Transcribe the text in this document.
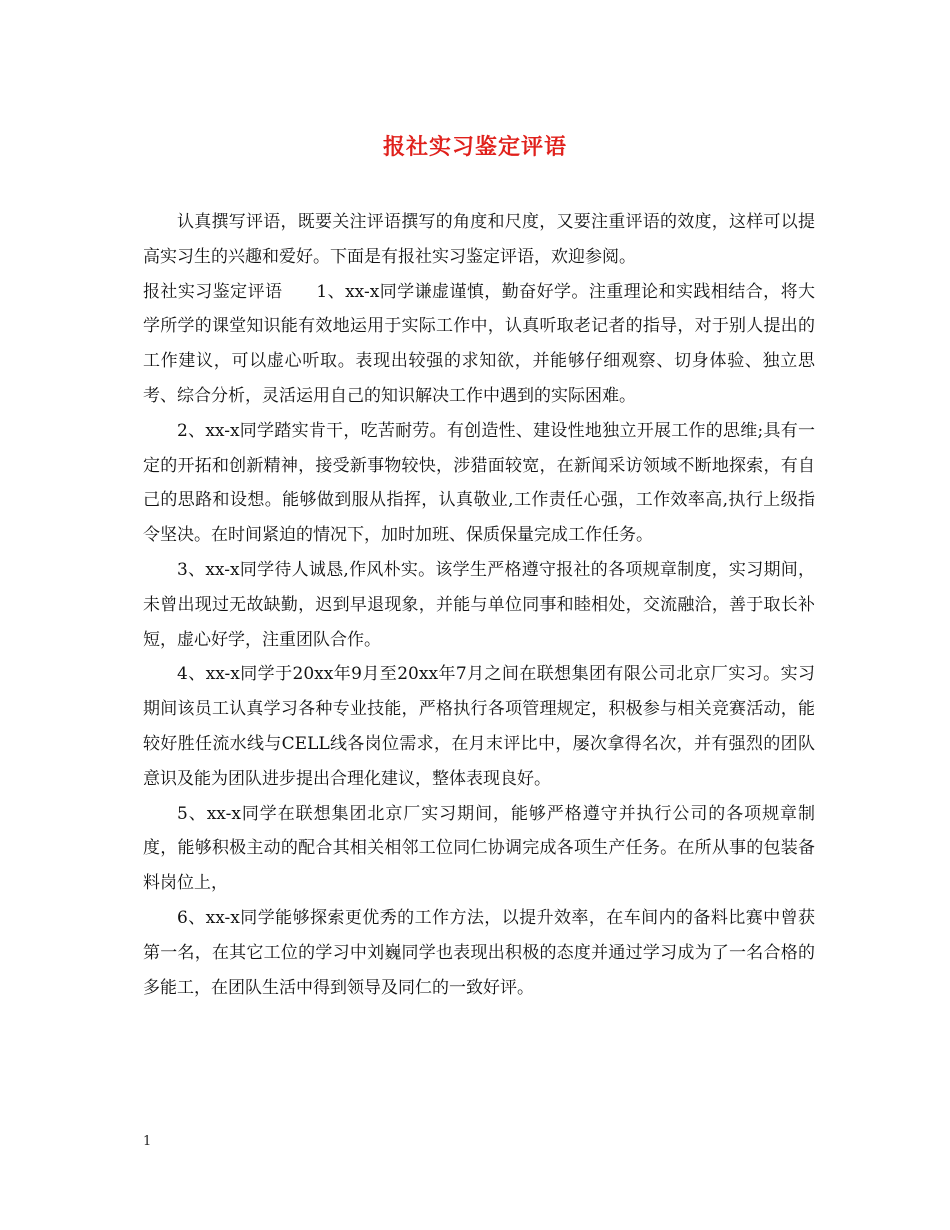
报社实习鉴定评语

认真撰写评语，既要关注评语撰写的角度和尺度，又要注重评语的效度，这样可以提高实习生的兴趣和爱好。下面是有报社实习鉴定评语，欢迎参阅。

报社实习鉴定评语 1、xx-x同学谦虚谨慎，勤奋好学。注重理论和实践相结合，将大学所学的课堂知识能有效地运用于实际工作中，认真听取老记者的指导，对于别人提出的工作建议，可以虚心听取。表现出较强的求知欲，并能够仔细观察、切身体验、独立思考、综合分析，灵活运用自己的知识解决工作中遇到的实际困难。

2、xx-x同学踏实肯干，吃苦耐劳。有创造性、建设性地独立开展工作的思维;具有一定的开拓和创新精神，接受新事物较快，涉猎面较宽，在新闻采访领域不断地探索，有自己的思路和设想。能够做到服从指挥，认真敬业,工作责任心强，工作效率高,执行上级指令坚决。在时间紧迫的情况下，加时加班、保质保量完成工作任务。

3、xx-x同学待人诚恳,作风朴实。该学生严格遵守报社的各项规章制度，实习期间，未曾出现过无故缺勤，迟到早退现象，并能与单位同事和睦相处，交流融洽，善于取长补短，虚心好学，注重团队合作。

4、xx-x同学于20xx年9月至20xx年7月之间在联想集团有限公司北京厂实习。实习期间该员工认真学习各种专业技能，严格执行各项管理规定，积极参与相关竞赛活动，能较好胜任流水线与CELL线各岗位需求，在月末评比中，屡次拿得名次，并有强烈的团队意识及能为团队进步提出合理化建议，整体表现良好。

5、xx-x同学在联想集团北京厂实习期间，能够严格遵守并执行公司的各项规章制度，能够积极主动的配合其相关相邻工位同仁协调完成各项生产任务。在所从事的包装备料岗位上，

6、xx-x同学能够探索更优秀的工作方法，以提升效率，在车间内的备料比赛中曾获第一名，在其它工位的学习中刘巍同学也表现出积极的态度并通过学习成为了一名合格的多能工，在团队生活中得到领导及同仁的一致好评。

1
